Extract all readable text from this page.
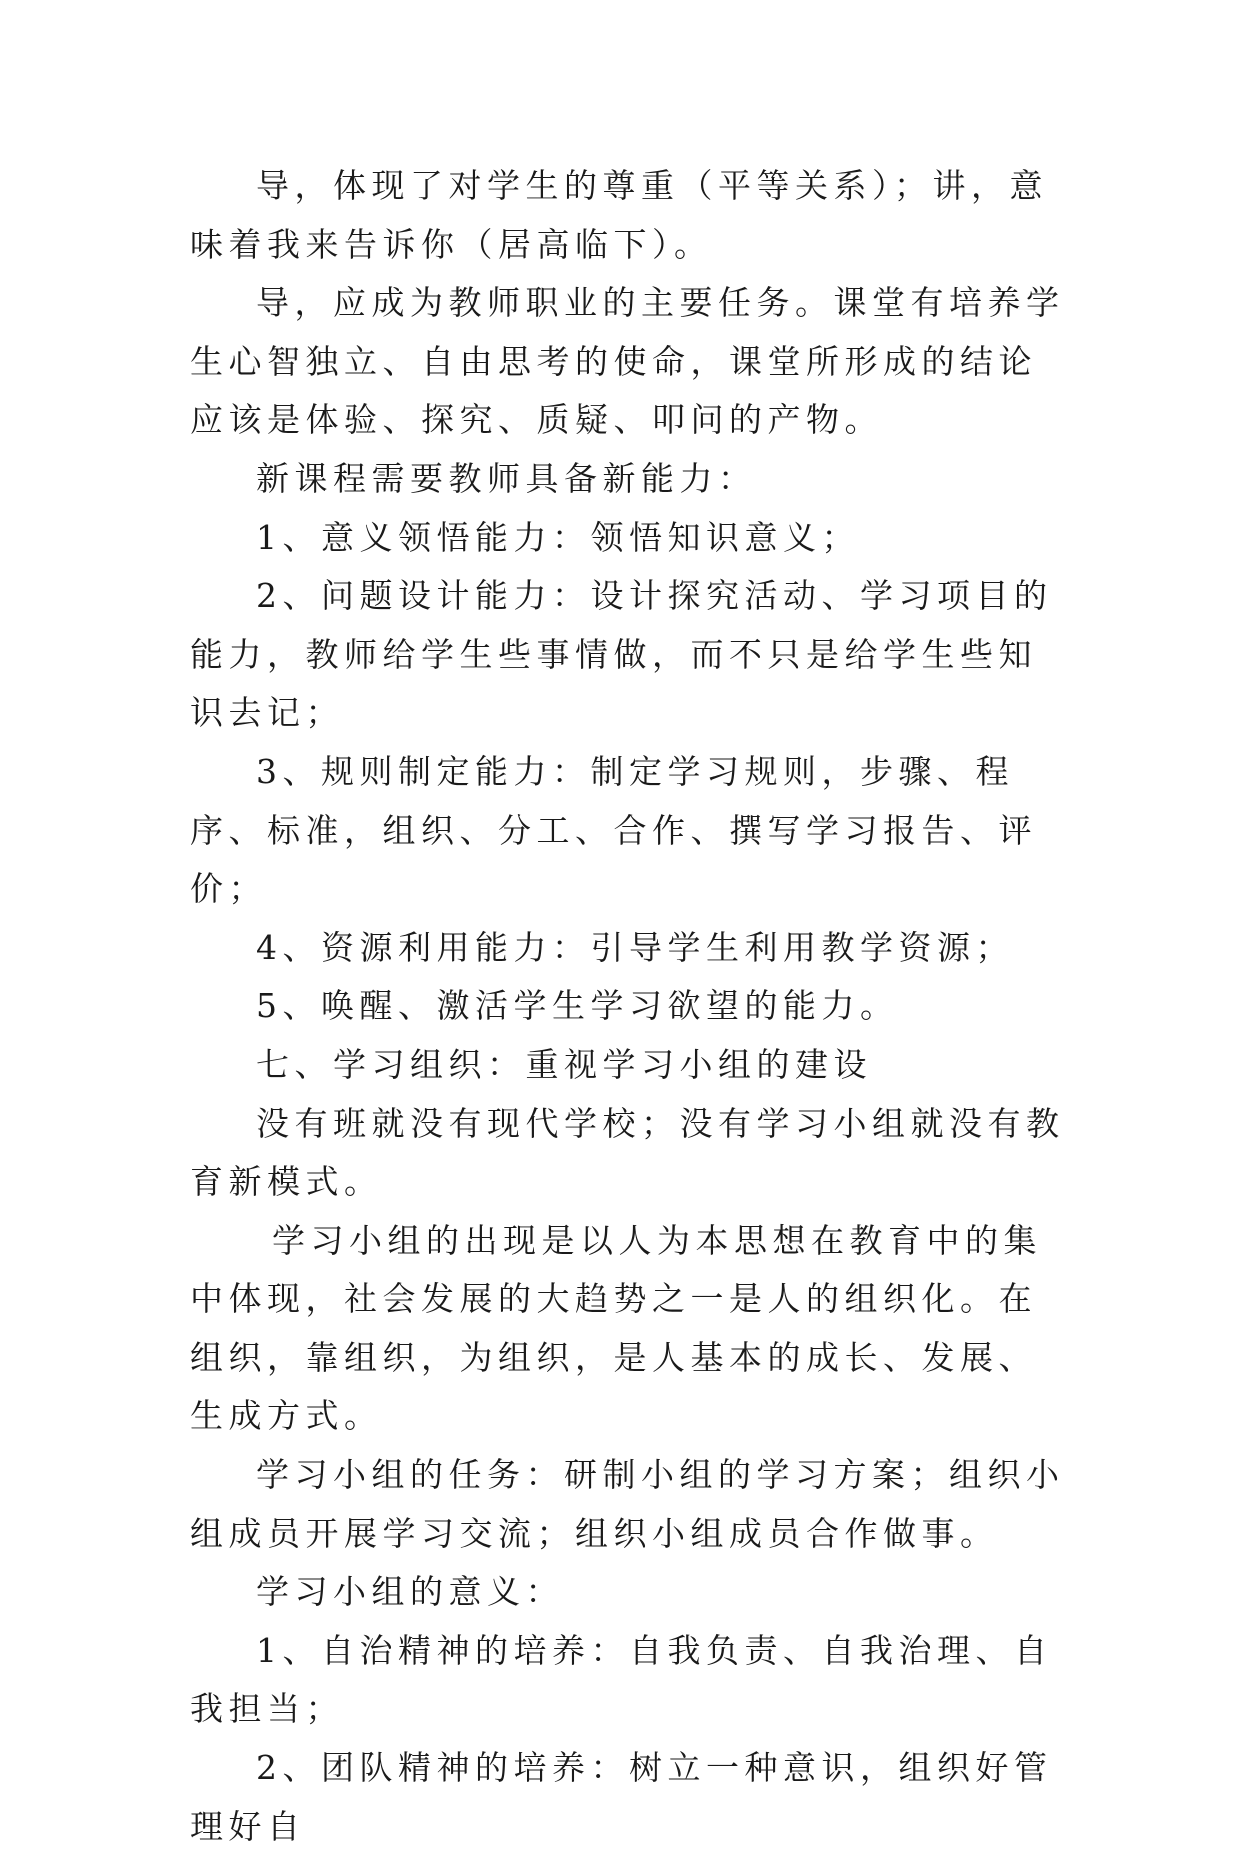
导，体现了对学生的尊重（平等关系）；讲，意味着我来告诉你（居高临下）。

导，应成为教师职业的主要任务。课堂有培养学生心智独立、自由思考的使命，课堂所形成的结论应该是体验、探究、质疑、叩问的产物。

新课程需要教师具备新能力：

1、意义领悟能力：领悟知识意义；

2、问题设计能力：设计探究活动、学习项目的能力，教师给学生些事情做，而不只是给学生些知识去记；

3、规则制定能力：制定学习规则，步骤、程序、标准，组织、分工、合作、撰写学习报告、评价；

4、资源利用能力：引导学生利用教学资源；

5、唤醒、激活学生学习欲望的能力。

七、学习组织：重视学习小组的建设

没有班就没有现代学校；没有学习小组就没有教育新模式。

学习小组的出现是以人为本思想在教育中的集中体现，社会发展的大趋势之一是人的组织化。在组织，靠组织，为组织，是人基本的成长、发展、生成方式。

学习小组的任务：研制小组的学习方案；组织小组成员开展学习交流；组织小组成员合作做事。

学习小组的意义：

1、自治精神的培养：自我负责、自我治理、自我担当；

2、团队精神的培养：树立一种意识，组织好管理好自
